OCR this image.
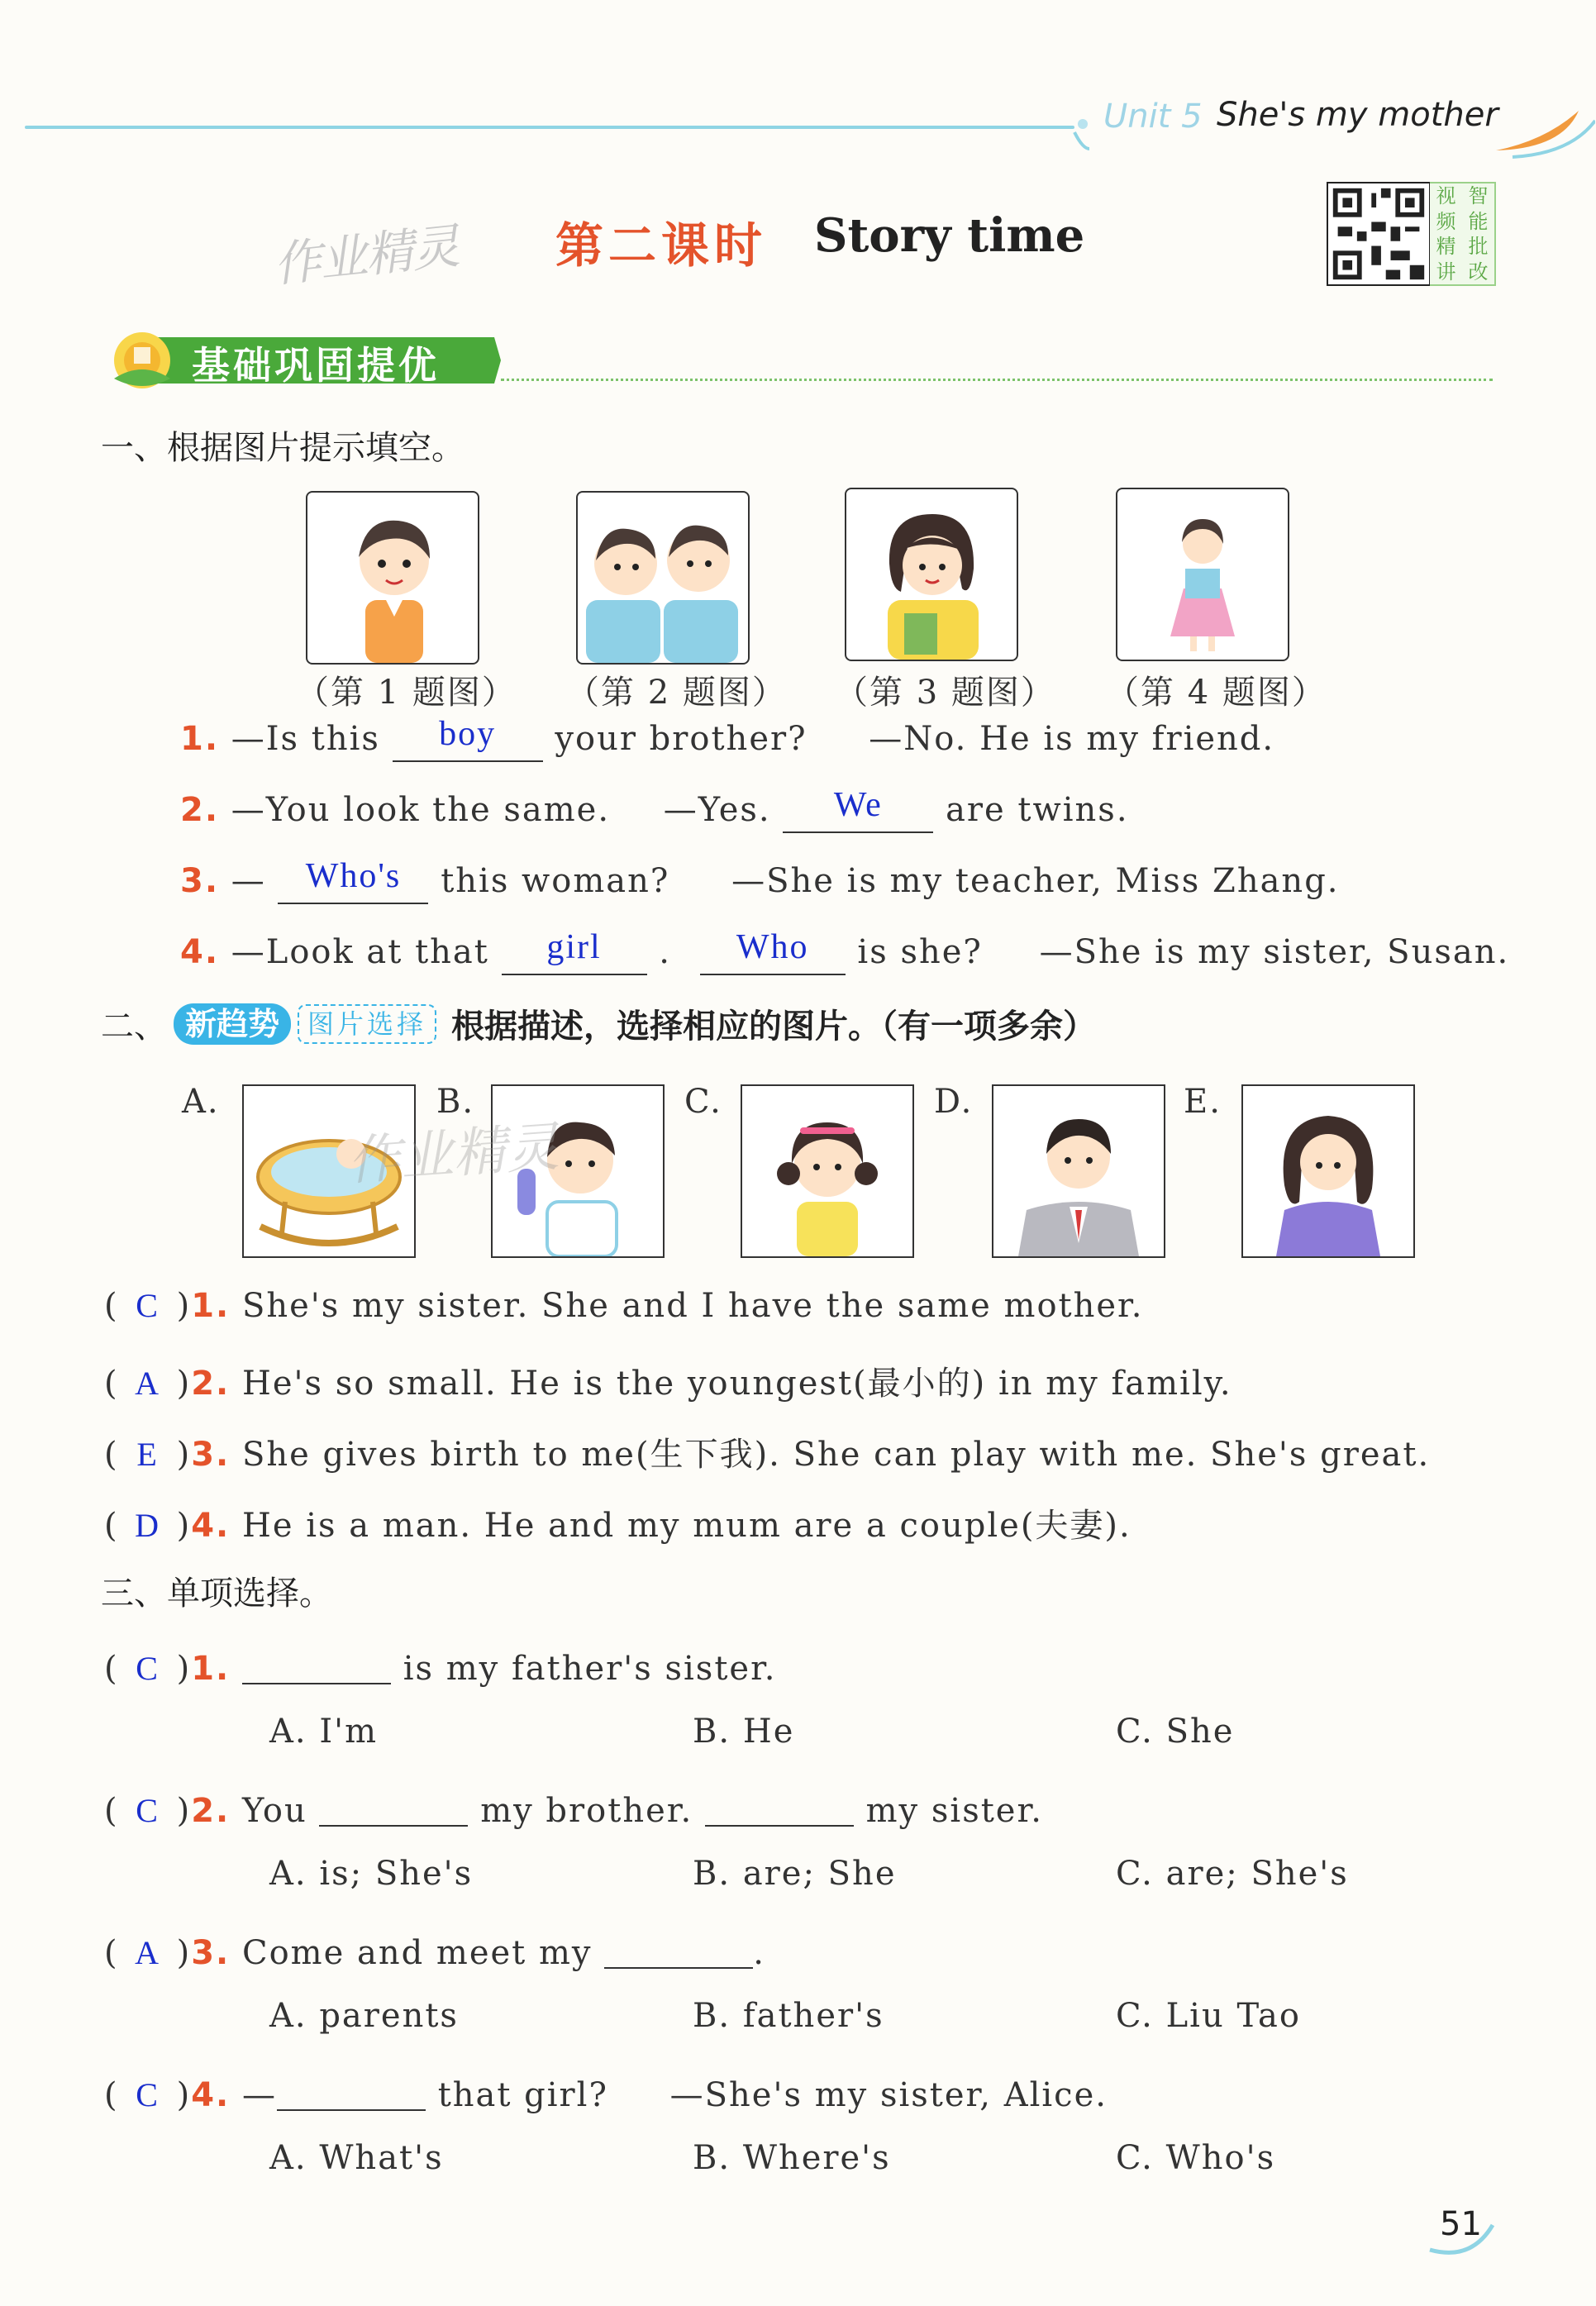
Unit 5 She's my mother
作业精灵 第二课时 Story time
视 智
频 能
精 批
讲 改
基础巩固提优
一、根据图片提示填空。
（第 1 题图） （第 2 题图） （第 3 题图） （第 4 题图）
1. —Is this boy your brother? —No. He is my friend.
2. —You look the same. —Yes. We are twins.
3. — Who's this woman? —She is my teacher, Miss Zhang.
4. —Look at that girl . Who is she? —She is my sister, Susan.
二、 新趋势	图片选择 根据描述，选择相应的图片。（有一项多余）
A.	B.	C.	D.	E.
作业精灵
( C )1. She's my sister. She and I have the same mother.
( A )2. He's so small. He is the youngest(最小的) in my family.
( E )3. She gives birth to me(生下我). She can play with me. She's great.
( D )4. He is a man. He and my mum are a couple(夫妻).
三、单项选择。
( C )1.	is my father's sister.
A. I'm	B. He	C. She
( C )2. You	my brother.	my sister.
A. is; She's	B. are; She	C. are; She's
( A )3. Come and meet my	.
A. parents	B. father's	C. Liu Tao
( C )4. —	that girl? —She's my sister, Alice.
A. What's	B. Where's	C. Who's
51
